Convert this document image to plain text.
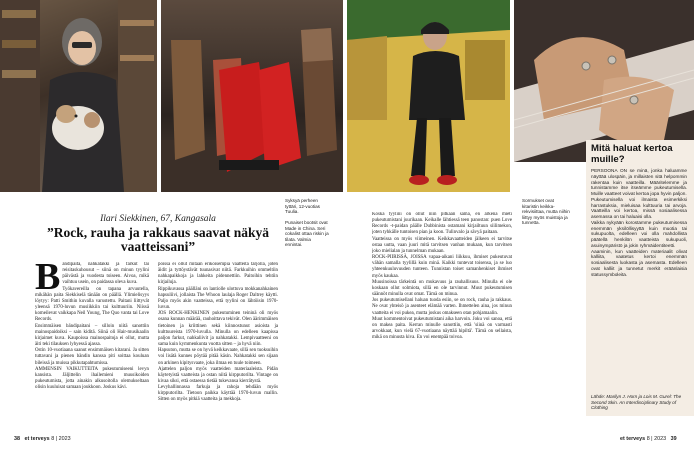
Syksyä perheen tyttäri, 12-vuotias Tuulia.
Punaiset bootsit ovat Made in China. Seri cokalist ottaa riskin ja tilata. Valmia ennintai.
Sormukset ovat kitaristin keikka-rekvisiittaa, mutta niihin liittyy myös muistoja ja tunnetta.
Ilari Siekkinen, 67, Kangasala
”Rock, rauha ja rakkaus saavat näkyä vaatteissani”
B ändipaita, nahkatakki ja farkut tai reisitaskuhousut – siinä on minun tyylini päivästä ja vuodesta toiseen. Aivoa, mikä vaihtuu usein, on paidassa oleva kuva.

Työkavereilla on tapana arvuutella, mikähän paita Siekkiselä tänään on päällä. Ylimielisyys löytyy: Patti Smithin kuvalla varustettu. Paitani liittyvät yleensä 1970-luvun musiikkiin tai kulttuuriin. Niissä komeilevat vaikkapa Neil Young, The Quo vanta tai Love Records.

Ensimmäisen bändipaitani – silloin niitä sanottiin mainospaidoiksi – sain kiditä. Siinä oli Hair-musikaalin kirjaimet kuva. Kaupoissa mainospaitoja ei ollut, mutta äiti teki tilauksen lyhyessä ajassa.

Ostin 10-vuotiaana saanut ensimmäisen kitarani. Ja sitten tuttavani ja pienen bändin kanssa piti soittaa kouluan bileissä ja muissa pikkutapahtumissa.

AMMENSIN VAIKUTTEITA pukeutumiseeni levyn kansista. Jäljittelin ihailemieni muusikoiden pukeutumista, jotta ainakin alkusoitolla olemukseltaan olisin kuuluisat samaan joukkoon. Joskus kävi.

poissa ei ollut mitään erikoisempia vaatteita tarjolla, joten äidit ja tyttöystävät tuunasivat niitä. Farkkuihin ommeltiin nahkapaikkoja ja lahkeita pidennettiin. Paitoihin tehtiin kirjailuja.

Rippikuvassa päälläni on lantiolle ulottuva mokkanahkainen hapsuliivi, jollaista The Whoon laulaja Roger Daltrey käytti. Paljo myös akin vaatteissa, että tyylini on lähtöisin 1970-luvun.

JOS ROCK-HENKINEN pukeutuminen teininä oli myös osana kunnan määrää, rauhoittava tekivät. Olen äärimmäisen tietoinen ja kriittinen sekä kiinnostunut asioista ja kulttuureista 1970-luvulla. Minulla on edelleen kaapissa paljon farkut, nahkaliivit ja nahkatakki. Lempivaatteeni on sama kuin kymmenkunta vuotta sitten – ja hyvä niin.

Hapsuton, mutta se on hyvä keikkavaate, sillä sen tuoksuihin voi lisätä kunnes pöytää pitää käsin. Nahkatakki sen sijaan on arkinen kipitysvaate, joka ilmaa en tuule toimeen.

Ajattelen paljon myös vaatteiden materiaaleista. Pidän käytetyistä vaatteista ja ostan niitä kirpputorilta. Vintage on kivaa siksi, että ostaessa tietää tukevansa kierrätystä.

Levyhallinnassa farkuja ja rahoja tehdään myös kirpputorilta. Tietoon paikka käyttää 1970-luvun mallin. Sitten on myös pitkiä vaatteita ja mekkoja.

Koska tyylini on ollut niin pitkään sama, en arkena mieti pukeutumistani juurikaan. Keikalle lähtiessä teen panostan: puen Love Records -t-paidan päälle Dubbinista ostamani kirjailtuun siilimekon, joten tyhkälle tuntoisen pian ja koon. Tulinvalo ja sävyä paitaan.

Vaatteissa on myös viimeinen. Keikkavaatteiden jälkeen ei tarvitse ostaa uutta, vaan juuri mitä tarvitsen vanhan mukaan, kun tarvitsen joko mielialan ja tunnelman mukaan.

ROCK-PIIRISSÄ, JOISSA vapaa-aikani liikkuu, ihmiset pukeutuvat vähän samalla tyylillä kuin minä. Kaikki tuntevat toisensa, ja se luo yhteenkuuluvuuden tunteen. Tunnistan toiset samanhenkiset ihmiset myös kaukaa.

Muusinoissa tärkeintä on mukavuus ja rauhallisuus. Minulla ei ole koskaan ollut solmiota, sillä en ole tarvinnut. Muut pukeutumisen säännöt minulla ovat omat. Tämä on minua.

Jos pukeutumisellani haluan tuoda esiin, se on rock, rauha ja rakkaus. Ne ovat yhteisö ja asenteet elämää varten. Ihmettelen aina, jos minun vaatteita ei voi pukea, mutta joskus omakseen otan pohjamaalin.

Muut kommentoivat pukeutumistani aika harvoin. Joku voi sanoa, että on makea paita. Kerran minulle sanottiin, että 'siinä on varmasti arvokkaat, kun vielä 67-vuotiaana näyttää hipiltä'. Tämä on sellaista, mikä on minusta kiva. En voi enempää toivoa.

Mitä haluat kertoa muille?

PERSOONA ON se minä, jonka haluamme näyttää ulospäin, ja millaisten sitä helpommin rakentaa kuin vaatteilla. Määritelemme ja tunnistamme itse itseämme pukeutumisella. Muille vaatteet voivat kertoa jopa hyvin paljon.

Pukeutumisella voi ilmaista esimerkiksi harrastuksia, mieluisaa kulttuuria tai arvoja. Vaatteilla voi kertoa, missä sosiaalisessa asemassa on tai haluaisi olla.

Vaikka nykyään korostamme pukeutumisessa enemmän yksilöllisyyttä kuin muotia tai sukupuolta, edelleen voi olla mahdollista päätellä henkilön vaatteista sukupuoli, asuinympäristö ja jokin ryhmäidentiteetti.

Aaaminin, kun vaatteiden materiaalit olivat kalliita, vaatetus kertoi enemmän sosiaalisesta luokasta ja asemasta. Edelleen ovat kalliit ja tunnetut merkit eräänlaisia statussymboleita.

Lähde: Marilyn J. Horn ja Lois M. Gurel: The Second Skin. An Interdisciplinary Study of Clothing
38 et terveys 8 | 2023	et terveys 8 | 2023 39
